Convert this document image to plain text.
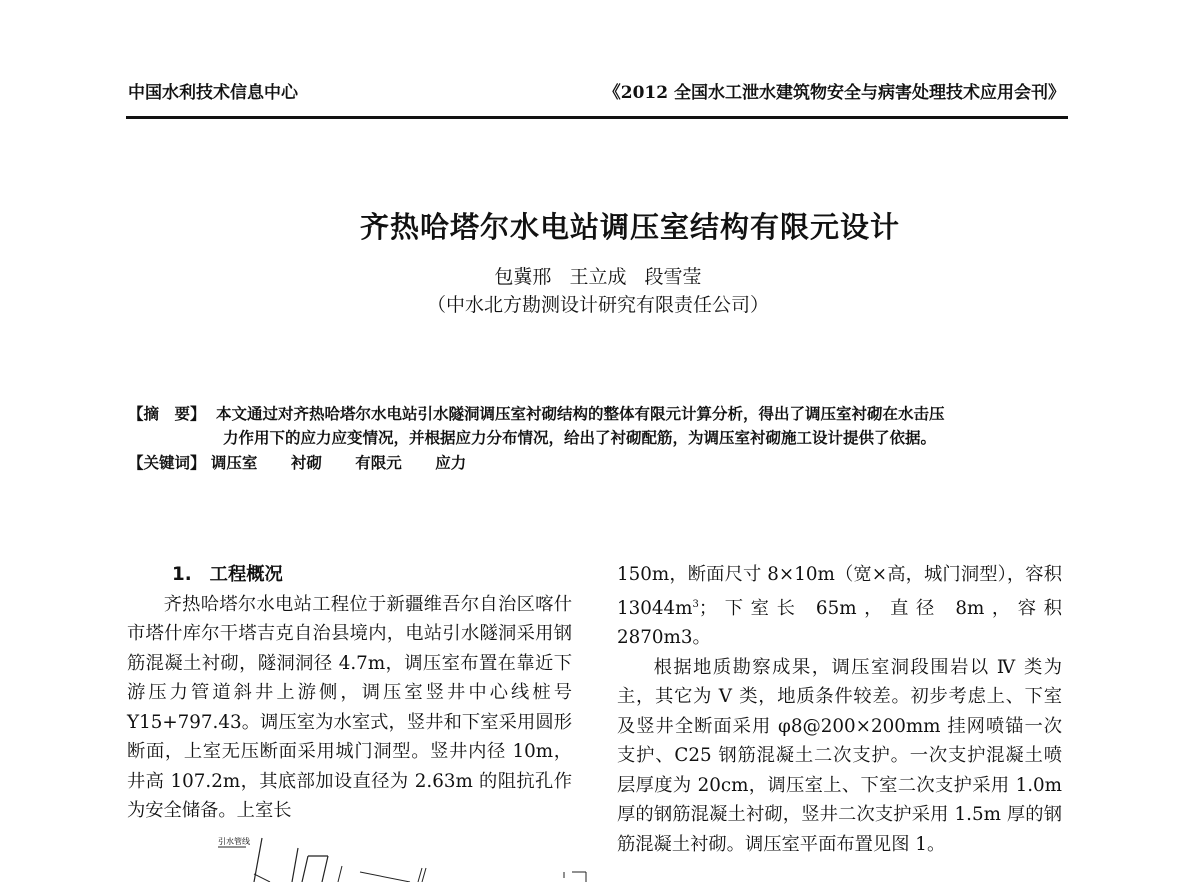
中国水利技术信息中心	《2012 全国水工泄水建筑物安全与病害处理技术应用会刊》
齐热哈塔尔水电站调压室结构有限元设计
包冀邢 王立成 段雪莹
（中水北方勘测设计研究有限责任公司）
【摘　要】 本文通过对齐热哈塔尔水电站引水隧洞调压室衬砌结构的整体有限元计算分析，得出了调压室衬砌在水击压
力作用下的应力应变情况，并根据应力分布情况，给出了衬砌配筋，为调压室衬砌施工设计提供了依据。
【关键词】 调压室 衬砌 有限元 应力
1. 工程概况

齐热哈塔尔水电站工程位于新疆维吾尔自治区喀什市塔什库尔干塔吉克自治县境内，电站引水隧洞采用钢筋混凝土衬砌，隧洞洞径 4.7m，调压室布置在靠近下游压力管道斜井上游侧，调压室竖井中心线桩号 Y15+797.43。调压室为水室式，竖井和下室采用圆形断面，上室无压断面采用城门洞型。竖井内径 10m，井高 107.2m，其底部加设直径为 2.63m 的阻抗孔作为安全储备。上室长

150m，断面尺寸 8×10m（宽×高，城门洞型），容积 $13044m^3$；下室长 65m，直径 8m，容积 2870m3。

根据地质勘察成果，调压室洞段围岩以 Ⅳ 类为主，其它为 Ⅴ 类，地质条件较差。初步考虑上、下室及竖井全断面采用 φ8@200×200mm 挂网喷锚一次支护、C25 钢筋混凝土二次支护。一次支护混凝土喷层厚度为 20cm，调压室上、下室二次支护采用 1.0m 厚的钢筋混凝土衬砌，竖井二次支护采用 1.5m 厚的钢筋混凝土衬砌。调压室平面布置见图 1。

引水管线
